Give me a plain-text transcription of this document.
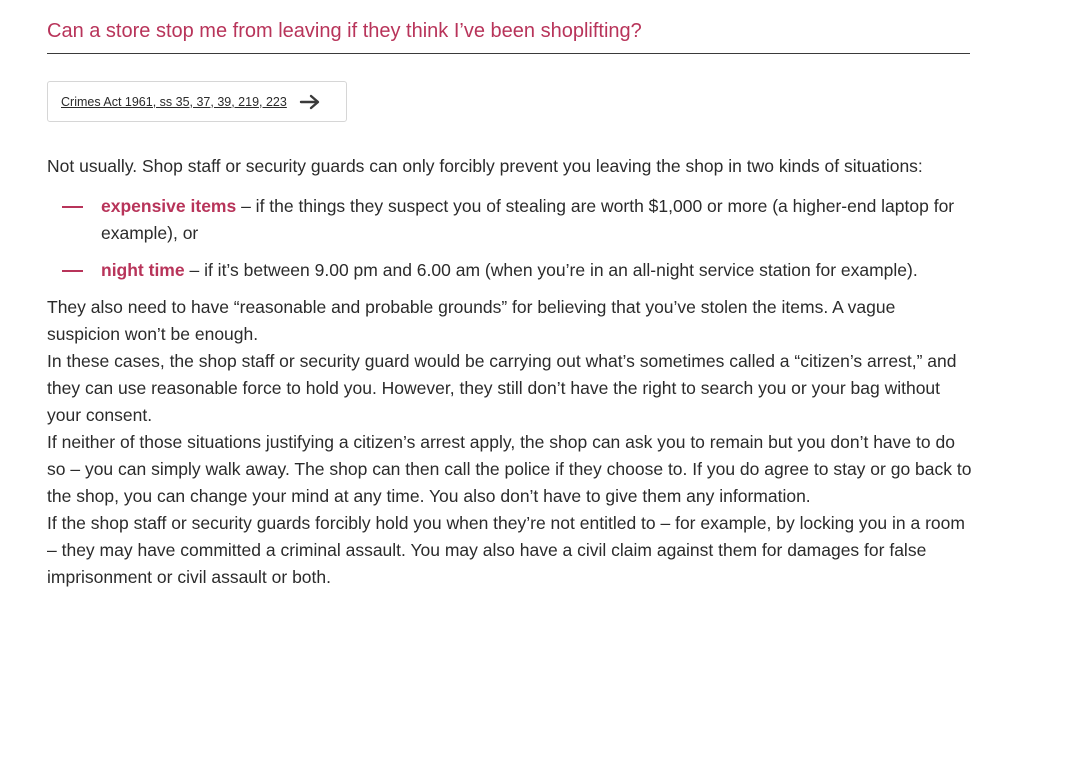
Can a store stop me from leaving if they think I’ve been shoplifting?
Crimes Act 1961, ss 35, 37, 39, 219, 223

Not usually. Shop staff or security guards can only forcibly prevent you leaving the shop in two kinds of situations:

expensive items – if the things they suspect you of stealing are worth $1,000 or more (a higher-end laptop for example), or
night time – if it’s between 9.00 pm and 6.00 am (when you’re in an all-night service station for example).

They also need to have “reasonable and probable grounds” for believing that you’ve stolen the items. A vague suspicion won’t be enough.

In these cases, the shop staff or security guard would be carrying out what’s sometimes called a “citizen’s arrest,” and they can use reasonable force to hold you. However, they still don’t have the right to search you or your bag without your consent.

If neither of those situations justifying a citizen’s arrest apply, the shop can ask you to remain but you don’t have to do so – you can simply walk away. The shop can then call the police if they choose to. If you do agree to stay or go back to the shop, you can change your mind at any time. You also don’t have to give them any information.

If the shop staff or security guards forcibly hold you when they’re not entitled to – for example, by locking you in a room – they may have committed a criminal assault. You may also have a civil claim against them for damages for false imprisonment or civil assault or both.
